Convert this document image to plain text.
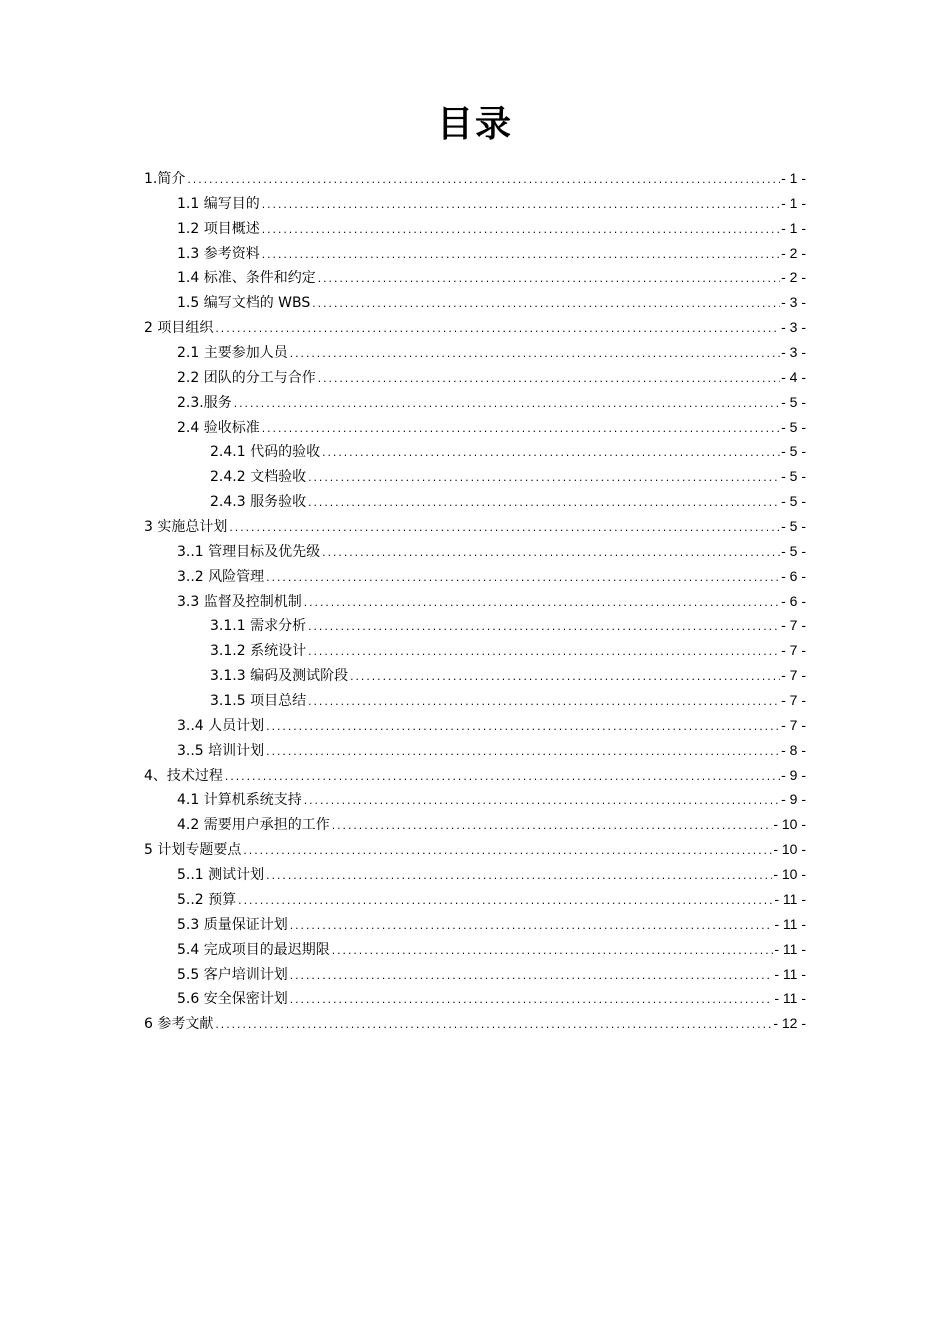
目录
1.简介 .....	- 1 -
1.1 编写目的 .....	- 1 -
1.2 项目概述 .....	- 1 -
1.3 参考资料 .....	- 2 -
1.4 标准、条件和约定 .....	- 2 -
1.5 编写文档的 WBS .....	- 3 -
2 项目组织 .....	- 3 -
2.1 主要参加人员 .....	- 3 -
2.2 团队的分工与合作 .....	- 4 -
2.3.服务 .....	- 5 -
2.4 验收标准 .....	- 5 -
2.4.1 代码的验收 .....	- 5 -
2.4.2 文档验收 .....	- 5 -
2.4.3 服务验收 .....	- 5 -
3 实施总计划 .....	- 5 -
3..1 管理目标及优先级 .....	- 5 -
3..2 风险管理 .....	- 6 -
3.3 监督及控制机制 .....	- 6 -
3.1.1 需求分析 .....	- 7 -
3.1.2 系统设计 .....	- 7 -
3.1.3 编码及测试阶段 .....	- 7 -
3.1.5 项目总结 .....	- 7 -
3..4 人员计划 .....	- 7 -
3..5 培训计划 .....	- 8 -
4、技术过程 .....	- 9 -
4.1 计算机系统支持 .....	- 9 -
4.2 需要用户承担的工作 .....	- 10 -
5 计划专题要点 .....	- 10 -
5..1 测试计划 .....	- 10 -
5..2 预算 .....	- 11 -
5.3 质量保证计划 .....	- 11 -
5.4 完成项目的最迟期限 .....	- 11 -
5.5 客户培训计划 .....	- 11 -
5.6 安全保密计划 .....	- 11 -
6 参考文献 .....	- 12 -
